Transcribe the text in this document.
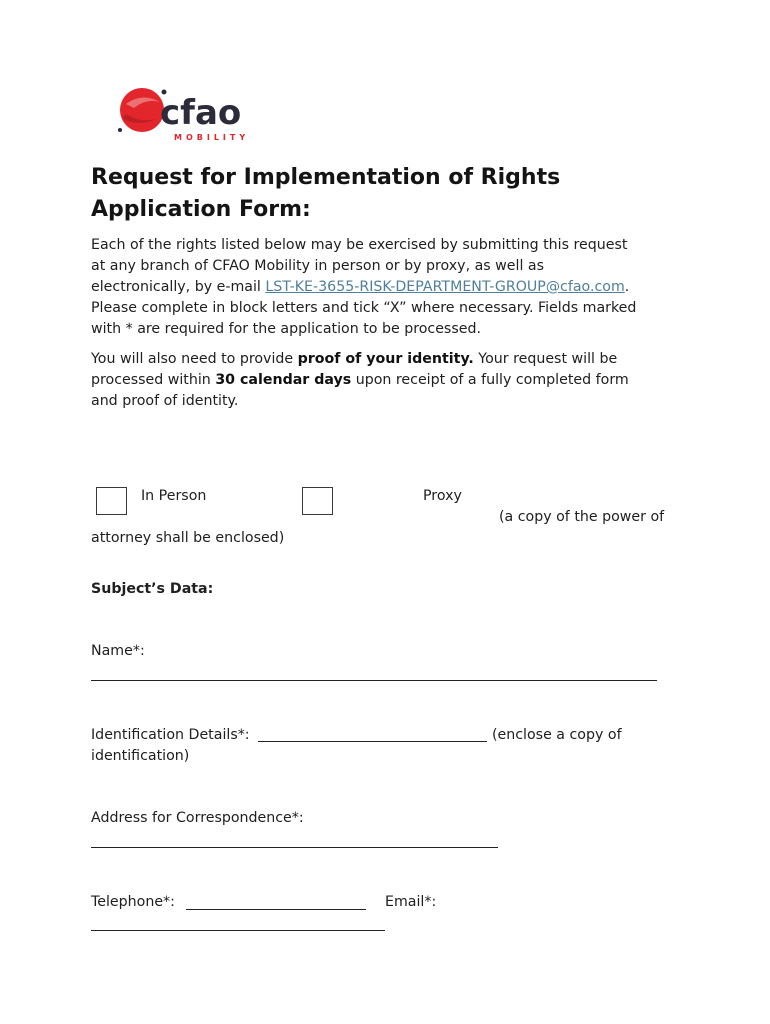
cfao
MOBILITY
Request for Implementation of Rights
Application Form:

Each of the rights listed below may be exercised by submitting this request
at any branch of CFAO Mobility in person or by proxy, as well as
electronically, by e-mail LST-KE-3655-RISK-DEPARTMENT-GROUP@cfao.com.
Please complete in block letters and tick “X” where necessary. Fields marked
with * are required for the application to be processed.

You will also need to provide proof of your identity. Your request will be
processed within 30 calendar days upon receipt of a fully completed form
and proof of identity.

In Person	Proxy
(a copy of the power of
attorney shall be enclosed)
Subject’s Data:
Name*:
Identification Details*:	(enclose a copy of
identification)
Address for Correspondence*:
Telephone*:	Email*:
